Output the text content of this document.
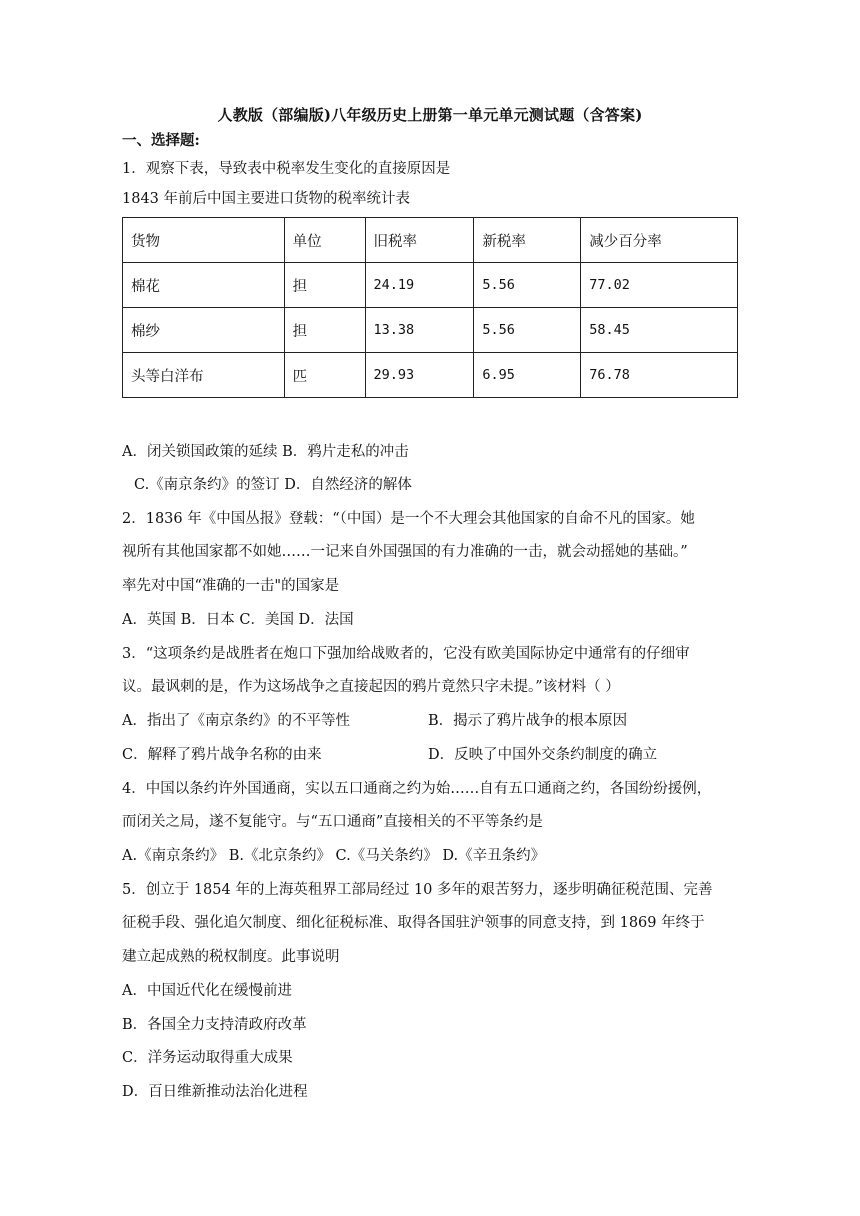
人教版（部编版)八年级历史上册第一单元单元测试题（含答案)
一、选择题:
1．观察下表，导致表中税率发生变化的直接原因是
1843 年前后中国主要进口货物的税率统计表
货物	单位	旧税率	新税率	减少百分率
棉花	担	24.19	5.56	77.02
棉纱	担	13.38	5.56	58.45
头等白洋布	匹	29.93	6.95	76.78
A．闭关锁国政策的延续 B．鸦片走私的冲击
C.《南京条约》的签订 D．自然经济的解体
2．1836 年《中国丛报》登载：“（中国）是一个不大理会其他国家的自命不凡的国家。她
视所有其他国家都不如她……一记来自外国强国的有力准确的一击，就会动摇她的基础。”
率先对中国“准确的一击"的国家是
A．英国 B．日本 C．美国 D．法国
3．“这项条约是战胜者在炮口下强加给战败者的，它没有欧美国际协定中通常有的仔细审
议。最讽刺的是，作为这场战争之直接起因的鸦片竟然只字未提。”该材料（ ）
A．指出了《南京条约》的不平等性	B．揭示了鸦片战争的根本原因
C．解释了鸦片战争名称的由来	D．反映了中国外交条约制度的确立
4．中国以条约许外国通商，实以五口通商之约为始……自有五口通商之约，各国纷纷援例，
而闭关之局，遂不复能守。与“五口通商”直接相关的不平等条约是
A.《南京条约》 B.《北京条约》 C.《马关条约》 D.《辛丑条约》
5．创立于 1854 年的上海英租界工部局经过 10 多年的艰苦努力，逐步明确征税范围、完善
征税手段、强化追欠制度、细化征税标准、取得各国驻沪领事的同意支持，到 1869 年终于
建立起成熟的税权制度。此事说明
A．中国近代化在缓慢前进
B．各国全力支持清政府改革
C．洋务运动取得重大成果
D．百日维新推动法治化进程
